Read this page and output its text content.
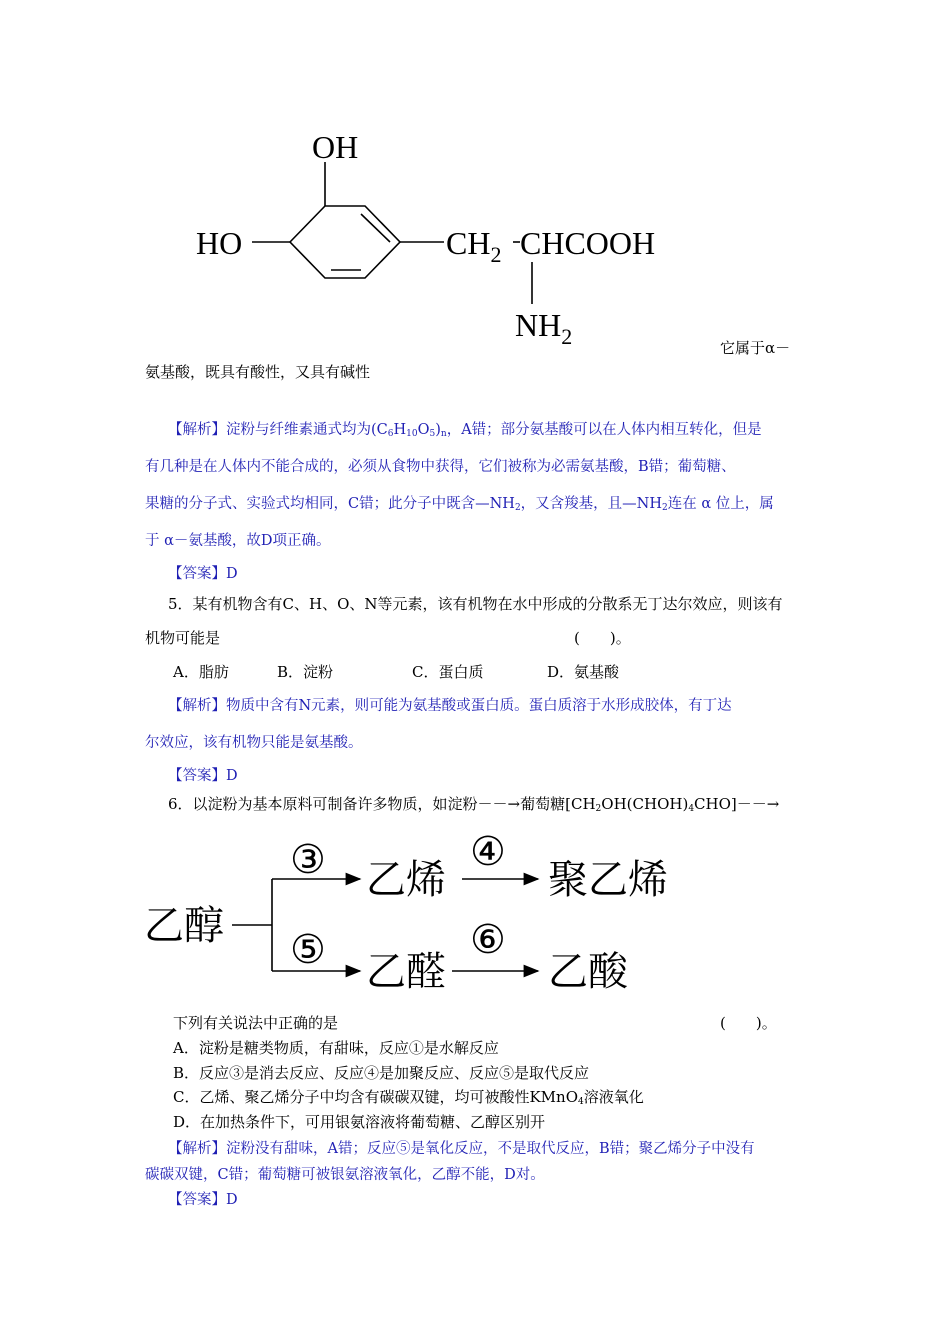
OH
HO	$CH_2$ CHCOOH
$NH_2$	它属于α－
氨基酸，既具有酸性，又具有碱性
【解析】淀粉与纤维素通式均为$(C_6H_{10}O_5)_n$，A错；部分氨基酸可以在人体内相互转化，但是
有几种是在人体内不能合成的，必须从食物中获得，它们被称为必需氨基酸，B错；葡萄糖、
果糖的分子式、实验式均相同，C错；此分子中既含$—NH_2$，又含羧基，且$—NH_2$连在 α 位上，属
于 α－氨基酸，故D项正确。
【答案】D
5．某有机物含有C、H、O、N等元素，该有机物在水中形成的分散系无丁达尔效应，则该有
机物可能是	(　　)。
A．脂肪	B．淀粉	C．蛋白质	D．氨基酸
【解析】物质中含有N元素，则可能为氨基酸或蛋白质。蛋白质溶于水形成胶体，有丁达
尔效应，该有机物只能是氨基酸。
【答案】D
6．以淀粉为基本原料可制备许多物质，如淀粉－－→葡萄糖$[CH_2OH(CHOH)_4CHO]--\to$
乙醇
③ 乙烯
④
聚乙烯
⑤ 乙醛
⑥
乙酸
下列有关说法中正确的是	(　　)。
A．淀粉是糖类物质，有甜味，反应①是水解反应
B．反应③是消去反应、反应④是加聚反应、反应⑤是取代反应
C．乙烯、聚乙烯分子中均含有碳碳双键，均可被酸性KMnO$_4$溶液氧化
D．在加热条件下，可用银氨溶液将葡萄糖、乙醇区别开
【解析】淀粉没有甜味，A错；反应⑤是氧化反应，不是取代反应，B错；聚乙烯分子中没有
碳碳双键，C错；葡萄糖可被银氨溶液氧化，乙醇不能，D对。
【答案】D
